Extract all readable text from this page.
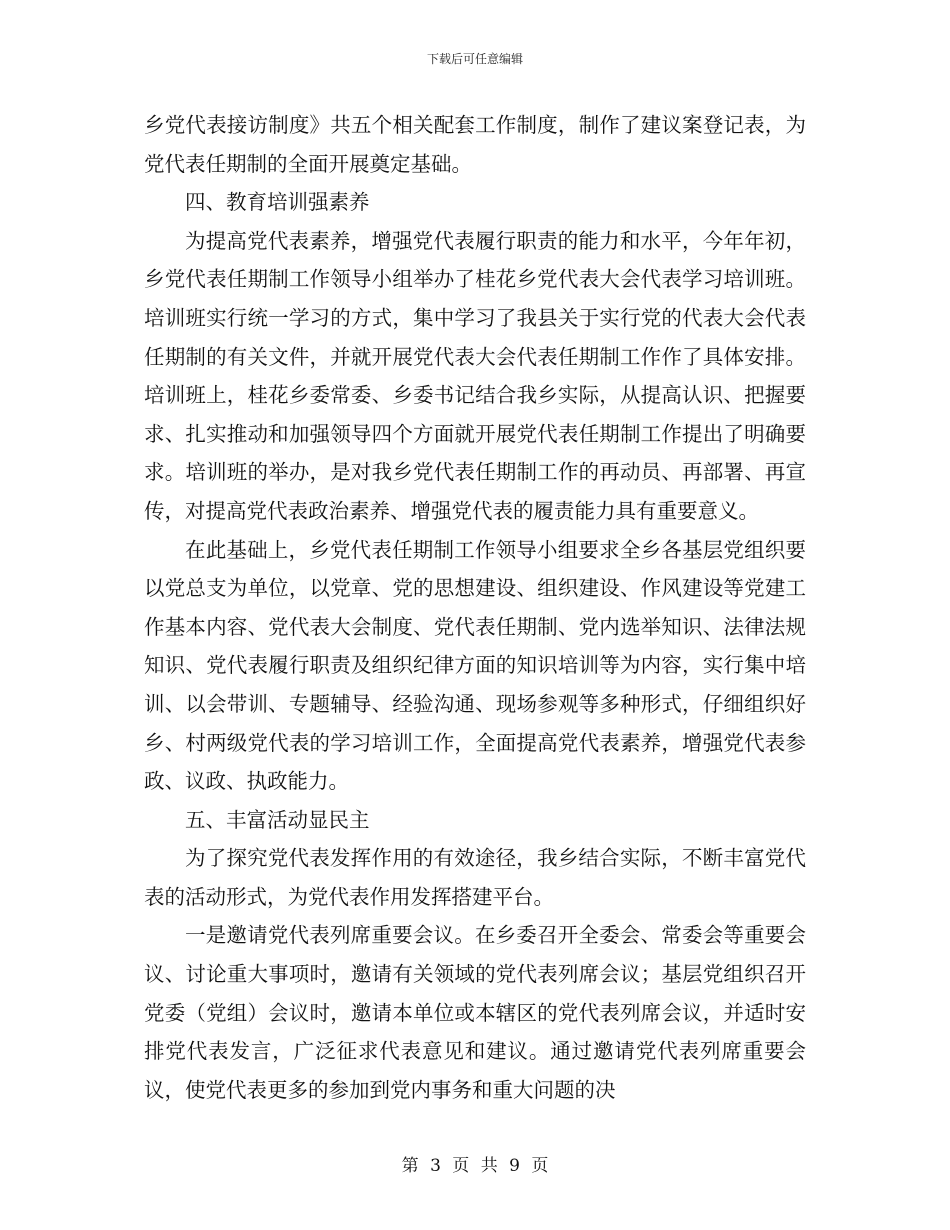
下载后可任意编辑

乡党代表接访制度》共五个相关配套工作制度，制作了建议案登记表，为党代表任期制的全面开展奠定基础。

四、教育培训强素养

为提高党代表素养，增强党代表履行职责的能力和水平，今年年初，乡党代表任期制工作领导小组举办了桂花乡党代表大会代表学习培训班。培训班实行统一学习的方式，集中学习了我县关于实行党的代表大会代表任期制的有关文件，并就开展党代表大会代表任期制工作作了具体安排。培训班上，桂花乡委常委、乡委书记结合我乡实际，从提高认识、把握要求、扎实推动和加强领导四个方面就开展党代表任期制工作提出了明确要求。培训班的举办，是对我乡党代表任期制工作的再动员、再部署、再宣传，对提高党代表政治素养、增强党代表的履责能力具有重要意义。

在此基础上，乡党代表任期制工作领导小组要求全乡各基层党组织要以党总支为单位，以党章、党的思想建设、组织建设、作风建设等党建工作基本内容、党代表大会制度、党代表任期制、党内选举知识、法律法规知识、党代表履行职责及组织纪律方面的知识培训等为内容，实行集中培训、以会带训、专题辅导、经验沟通、现场参观等多种形式，仔细组织好乡、村两级党代表的学习培训工作，全面提高党代表素养，增强党代表参政、议政、执政能力。

五、丰富活动显民主

为了探究党代表发挥作用的有效途径，我乡结合实际，不断丰富党代表的活动形式，为党代表作用发挥搭建平台。

一是邀请党代表列席重要会议。在乡委召开全委会、常委会等重要会议、讨论重大事项时，邀请有关领域的党代表列席会议；基层党组织召开党委（党组）会议时，邀请本单位或本辖区的党代表列席会议，并适时安排党代表发言，广泛征求代表意见和建议。通过邀请党代表列席重要会议，使党代表更多的参加到党内事务和重大问题的决

第 3 页 共 9 页
